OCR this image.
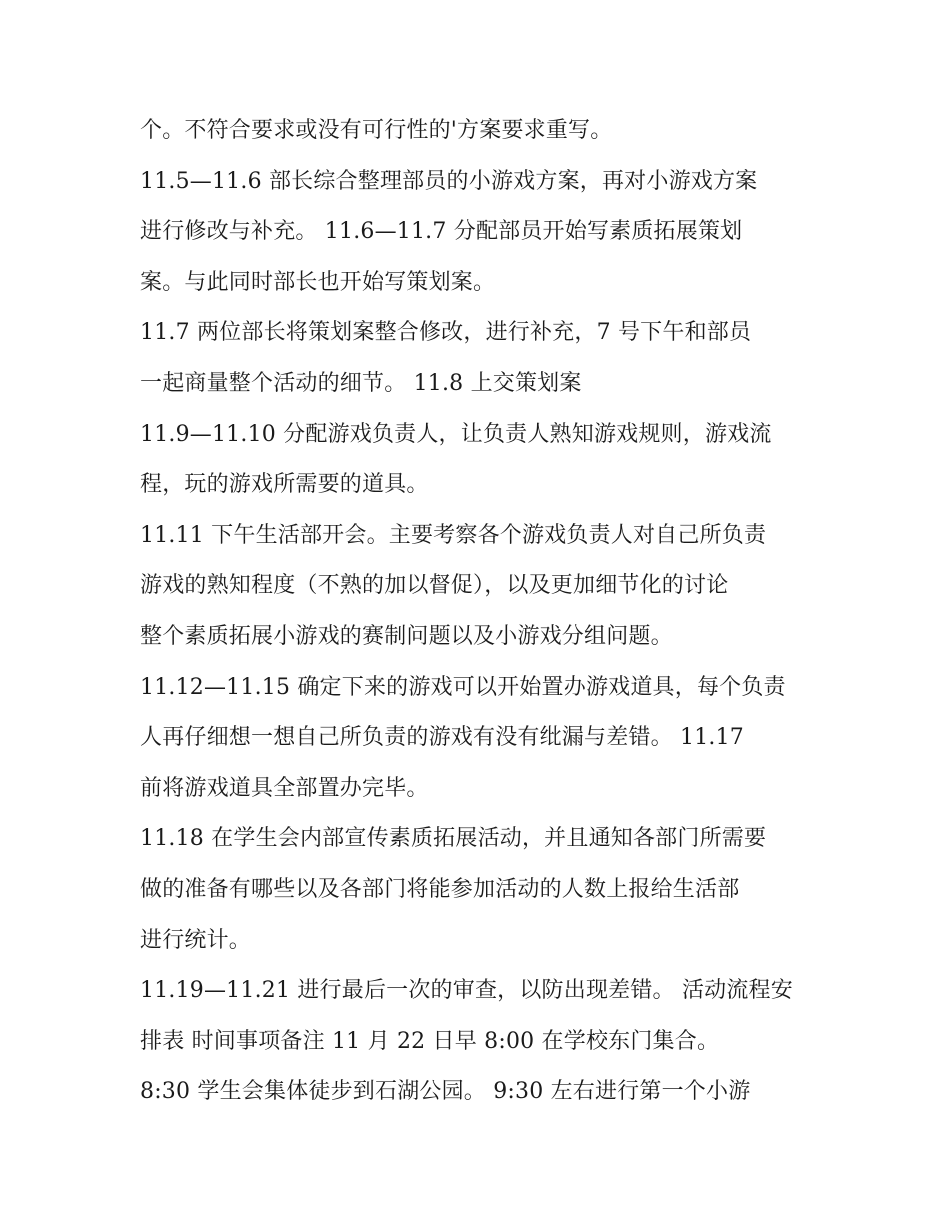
个。不符合要求或没有可行性的'方案要求重写。
11.5—11.6 部长综合整理部员的小游戏方案，再对小游戏方案
进行修改与补充。 11.6—11.7 分配部员开始写素质拓展策划
案。与此同时部长也开始写策划案。
11.7 两位部长将策划案整合修改，进行补充，7 号下午和部员
一起商量整个活动的细节。 11.8 上交策划案
11.9—11.10 分配游戏负责人，让负责人熟知游戏规则，游戏流
程，玩的游戏所需要的道具。
11.11 下午生活部开会。主要考察各个游戏负责人对自己所负责
游戏的熟知程度（不熟的加以督促），以及更加细节化的讨论
整个素质拓展小游戏的赛制问题以及小游戏分组问题。
11.12—11.15 确定下来的游戏可以开始置办游戏道具，每个负责
人再仔细想一想自己所负责的游戏有没有纰漏与差错。 11.17
前将游戏道具全部置办完毕。
11.18 在学生会内部宣传素质拓展活动，并且通知各部门所需要
做的准备有哪些以及各部门将能参加活动的人数上报给生活部
进行统计。
11.19—11.21 进行最后一次的审查，以防出现差错。 活动流程安
排表 时间事项备注 11 月 22 日早 8:00 在学校东门集合。
8:30 学生会集体徒步到石湖公园。 9:30 左右进行第一个小游
